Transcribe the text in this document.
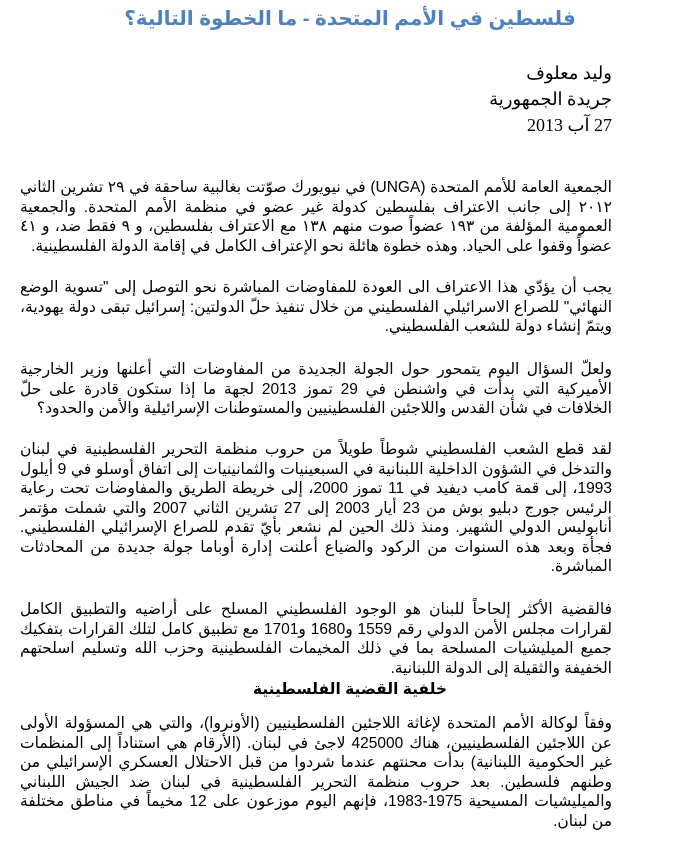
فلسطين في الأمم المتحدة - ما الخطوة التالية؟
وليد معلوف
جريدة الجمهورية
27 آب 2013

الجمعية العامة للأمم المتحدة (UNGA) في نيويورك صوّتت بغالبية ساحقة في ٢٩ تشرين الثاني ٢٠١٢ إلى جانب الاعتراف بفلسطين كدولة غير عضو في منظمة الأمم المتحدة. والجمعية العمومية المؤلفة من ١٩٣ عضواً صوت منهم ١٣٨ مع الاعتراف بفلسطين، و ٩ فقط ضد، و ٤١ عضواً وقفوا على الحياد. وهذه خطوة هائلة نحو الإعتراف الكامل في إقامة الدولة الفلسطينية.

يجب أن يؤدّي هذا الاعتراف الى العودة للمفاوضات المباشرة نحو التوصل إلى "تسوية الوضع النهائي" للصراع الاسرائيلي الفلسطيني من خلال تنفيذ حلّ الدولتين: إسرائيل تبقى دولة يهودية، ويتمّ إنشاء دولة للشعب الفلسطيني.

ولعلّ السؤال اليوم يتمحور حول الجولة الجديدة من المفاوضات التي أعلنها وزير الخارجية الأميركية التي بدأت في واشنطن في 29 تموز 2013 لجهة ما إذا ستكون قادرة على حلّ الخلافات في شأن القدس واللاجئين الفلسطينيين والمستوطنات الإسرائيلية والأمن والحدود؟

لقد قطع الشعب الفلسطيني شوطاً طويلاً من حروب منظمة التحرير الفلسطينية في لبنان والتدخل في الشؤون الداخلية اللبنانية في السبعينيات والثمانينيات إلى اتفاق أوسلو في 9 أيلول 1993، إلى قمة كامب ديفيد في 11 تموز 2000، إلى خريطة الطريق والمفاوضات تحت رعاية الرئيس جورج دبليو بوش من 23 أيار 2003 إلى 27 تشرين الثاني 2007 والتي شملت مؤتمر أنابوليس الدولي الشهير. ومنذ ذلك الحين لم نشعر بأيّ تقدم للصراع الإسرائيلي الفلسطيني. فجأة وبعد هذه السنوات من الركود والضياع أعلنت إدارة أوباما جولة جديدة من المحادثات المباشرة.

فالقضية الأكثر إلحاحاً للبنان هو الوجود الفلسطيني المسلح على أراضيه والتطبيق الكامل لقرارات مجلس الأمن الدولي رقم 1559 و1680 و1701 مع تطبيق كامل لتلك القرارات بتفكيك جميع الميليشيات المسلحة بما في ذلك المخيمات الفلسطينية وحزب الله وتسليم اسلحتهم الخفيفة والثقيلة إلى الدولة اللبنانية.

خلفية القضية الفلسطينية

وفقاً لوكالة الأمم المتحدة لإغاثة اللاجئين الفلسطينيين (الأونروا)، والتي هي المسؤولة الأولى عن اللاجئين الفلسطينيين، هناك 425000 لاجئ في لبنان. (الأرقام هي استناداً إلى المنظمات غير الحكومية اللبنانية) بدأت محنتهم عندما شردوا من قبل الاحتلال العسكري الإسرائيلي من وطنهم فلسطين. بعد حروب منظمة التحرير الفلسطينية في لبنان ضد الجيش اللبناني والميليشيات المسيحية 1975-1983، فإنهم اليوم موزعون على 12 مخيماً في مناطق مختلفة من لبنان.
